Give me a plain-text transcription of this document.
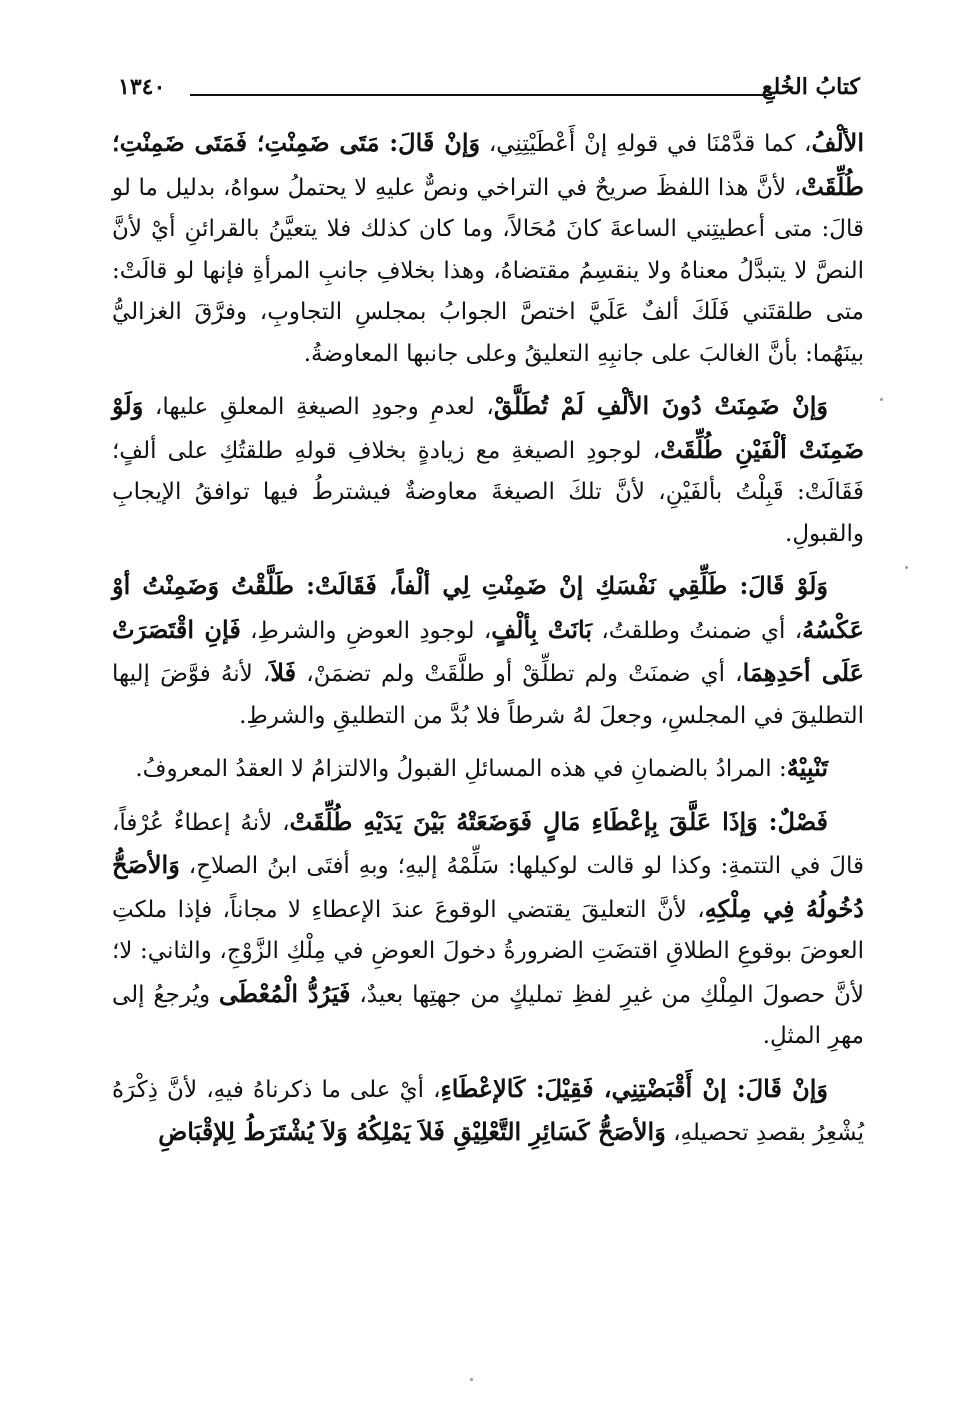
كتابُ الخُلعِ
١٣٤٠

الألْفُ، كما قدَّمْنَا في قولهِ إنْ أَعْطَيْتِنِي، وَإنْ قَالَ: مَتَى ضَمِنْتِ؛ فَمَتَى ضَمِنْتِ؛ طُلِّقَتْ، لأنَّ هذا اللفظَ صريحٌ في التراخي ونصٌّ عليهِ لا يحتملُ سواهُ، بدليل ما لو قالَ: متى أعطيتِني الساعةَ كانَ مُحَالاً، وما كان كذلك فلا يتعيَّنُ بالقرائنِ أيْ لأنَّ النصَّ لا يتبدَّلُ معناهُ ولا ينقسِمُ مقتضاهُ، وهذا بخلافِ جانبِ المرأةِ فإنها لو قالَتْ: متى طلقتَني فَلَكَ ألفٌ عَلَيَّ اختصَّ الجوابُ بمجلسِ التجاوبِ، وفرَّقَ الغزاليُّ بينَهُما: بأنَّ الغالبَ على جانبِهِ التعليقُ وعلى جانبها المعاوضةُ.

وَإنْ ضَمِنَتْ دُونَ الألْفِ لَمْ تُطَلَّقْ، لعدمِ وجودِ الصيغةِ المعلقِ عليها، وَلَوْ ضَمِنَتْ ألْفَيْنِ طُلِّقَتْ، لوجودِ الصيغةِ مع زيادةٍ بخلافِ قولهِ طلقتُكِ على ألفٍ؛ فَقَالَتْ: قَبِلْتُ بألفَيْنِ، لأنَّ تلكَ الصيغةَ معاوضةٌ فيشترطُ فيها توافقُ الإيجابِ والقبولِ.

وَلَوْ قَالَ: طَلِّقِي نَفْسَكِ إنْ ضَمِنْتِ لِي ألْفاً، فَقَالَتْ: طَلَّقْتُ وَضَمِنْتُ أوْ عَكْسُهُ، أي ضمنتُ وطلقتُ، بَانَتْ بِألْفٍ، لوجودِ العوضِ والشرطِ، فَإنِ اقْتَصَرَتْ عَلَى أحَدِهِمَا، أي ضمنَتْ ولم تطلِّقْ أو طلَّقَتْ ولم تضمَنْ، فَلاَ، لأنهُ فوَّضَ إليها التطليقَ في المجلسِ، وجعلَ لهُ شرطاً فلا بُدَّ من التطليقِ والشرطِ.

تَنْبِيْهٌ: المرادُ بالضمانِ في هذه المسائلِ القبولُ والالتزامُ لا العقدُ المعروفُ.

فَصْلٌ: وَإذَا عَلَّقَ بِإعْطَاءِ مَالٍ فَوَضَعَتْهُ بَيْنَ يَدَيْهِ طُلِّقَتْ، لأنهُ إعطاءٌ عُرْفاً، قالَ في التتمةِ: وكذا لو قالت لوكيلها: سَلِّمْهُ إليهِ؛ وبهِ أفتَى ابنُ الصلاحِ، وَالأصَحُّ دُخُولُهُ فِي مِلْكِهِ، لأنَّ التعليقَ يقتضي الوقوعَ عندَ الإعطاءِ لا مجاناً، فإذا ملكتِ العوضَ بوقوعِ الطلاقِ اقتضَتِ الضرورةُ دخولَ العوضِ في مِلْكِ الزَّوْجِ، والثاني: لا؛ لأنَّ حصولَ المِلْكِ من غيرِ لفظِ تمليكٍ من جهتِها بعيدٌ، فَيَرُدُّ الْمُعْطَى ويُرجعُ إلى مهرِ المثلِ.

وَإنْ قَالَ: إنْ أَقْبَضْتِنِي، فَقِيْلَ: كَالإعْطَاءِ، أيْ على ما ذكرناهُ فيهِ، لأنَّ ذِكْرَهُ يُشْعِرُ بقصدِ تحصيلهِ، وَالأصَحُّ كَسَائِرِ التَّعْلِيْقِ فَلاَ يَمْلِكُهُ وَلاَ يُشْتَرَطُ لِلإقْبَاضِ
